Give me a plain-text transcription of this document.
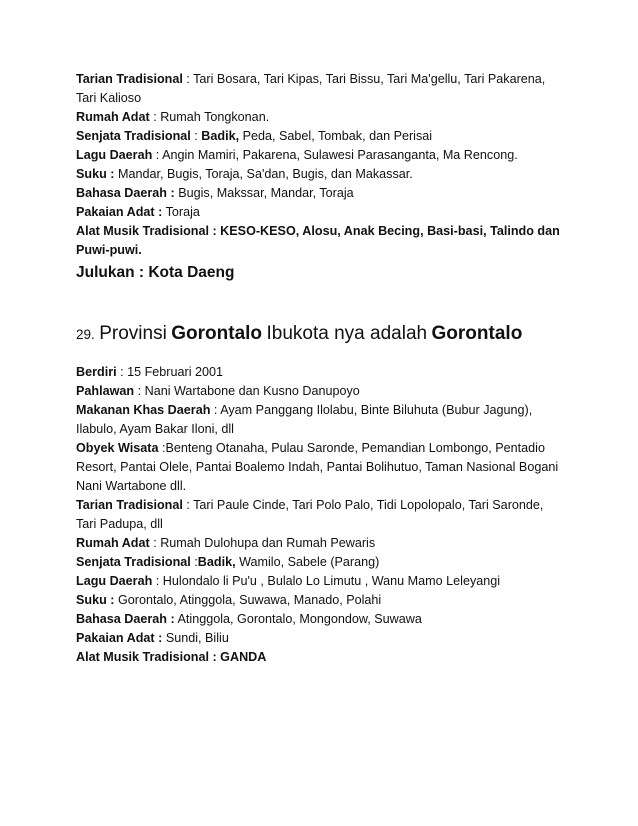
Tarian Tradisional : Tari Bosara, Tari Kipas, Tari Bissu, Tari Ma'gellu, Tari Pakarena,
Tari Kalioso
Rumah Adat : Rumah Tongkonan.
Senjata Tradisional : Badik, Peda, Sabel, Tombak, dan Perisai
Lagu Daerah : Angin Mamiri, Pakarena, Sulawesi Parasanganta, Ma Rencong.
Suku : Mandar, Bugis, Toraja, Sa'dan, Bugis, dan Makassar.
Bahasa Daerah : Bugis, Makssar, Mandar, Toraja
Pakaian Adat : Toraja
Alat Musik Tradisional : KESO-KESO, Alosu, Anak Becing, Basi-basi, Talindo dan
Puwi-puwi.
Julukan : Kota Daeng
29. Provinsi Gorontalo Ibukota nya adalah Gorontalo
Berdiri : 15 Februari 2001
Pahlawan : Nani Wartabone dan Kusno Danupoyo
Makanan Khas Daerah : Ayam Panggang Ilolabu, Binte Biluhuta (Bubur Jagung),
Ilabulo, Ayam Bakar Iloni, dll
Obyek Wisata :Benteng Otanaha, Pulau Saronde, Pemandian Lombongo, Pentadio
Resort, Pantai Olele, Pantai Boalemo Indah, Pantai Bolihutuo, Taman Nasional Bogani
Nani Wartabone dll.
Tarian Tradisional : Tari Paule Cinde, Tari Polo Palo, Tidi Lopolopalo, Tari Saronde,
Tari Padupa, dll
Rumah Adat : Rumah Dulohupa dan Rumah Pewaris
Senjata Tradisional :Badik, Wamilo, Sabele (Parang)
Lagu Daerah : Hulondalo li Pu'u , Bulalo Lo Limutu , Wanu Mamo Leleyangi
Suku : Gorontalo, Atinggola, Suwawa, Manado, Polahi
Bahasa Daerah : Atinggola, Gorontalo, Mongondow, Suwawa
Pakaian Adat : Sundi, Biliu
Alat Musik Tradisional : GANDA
